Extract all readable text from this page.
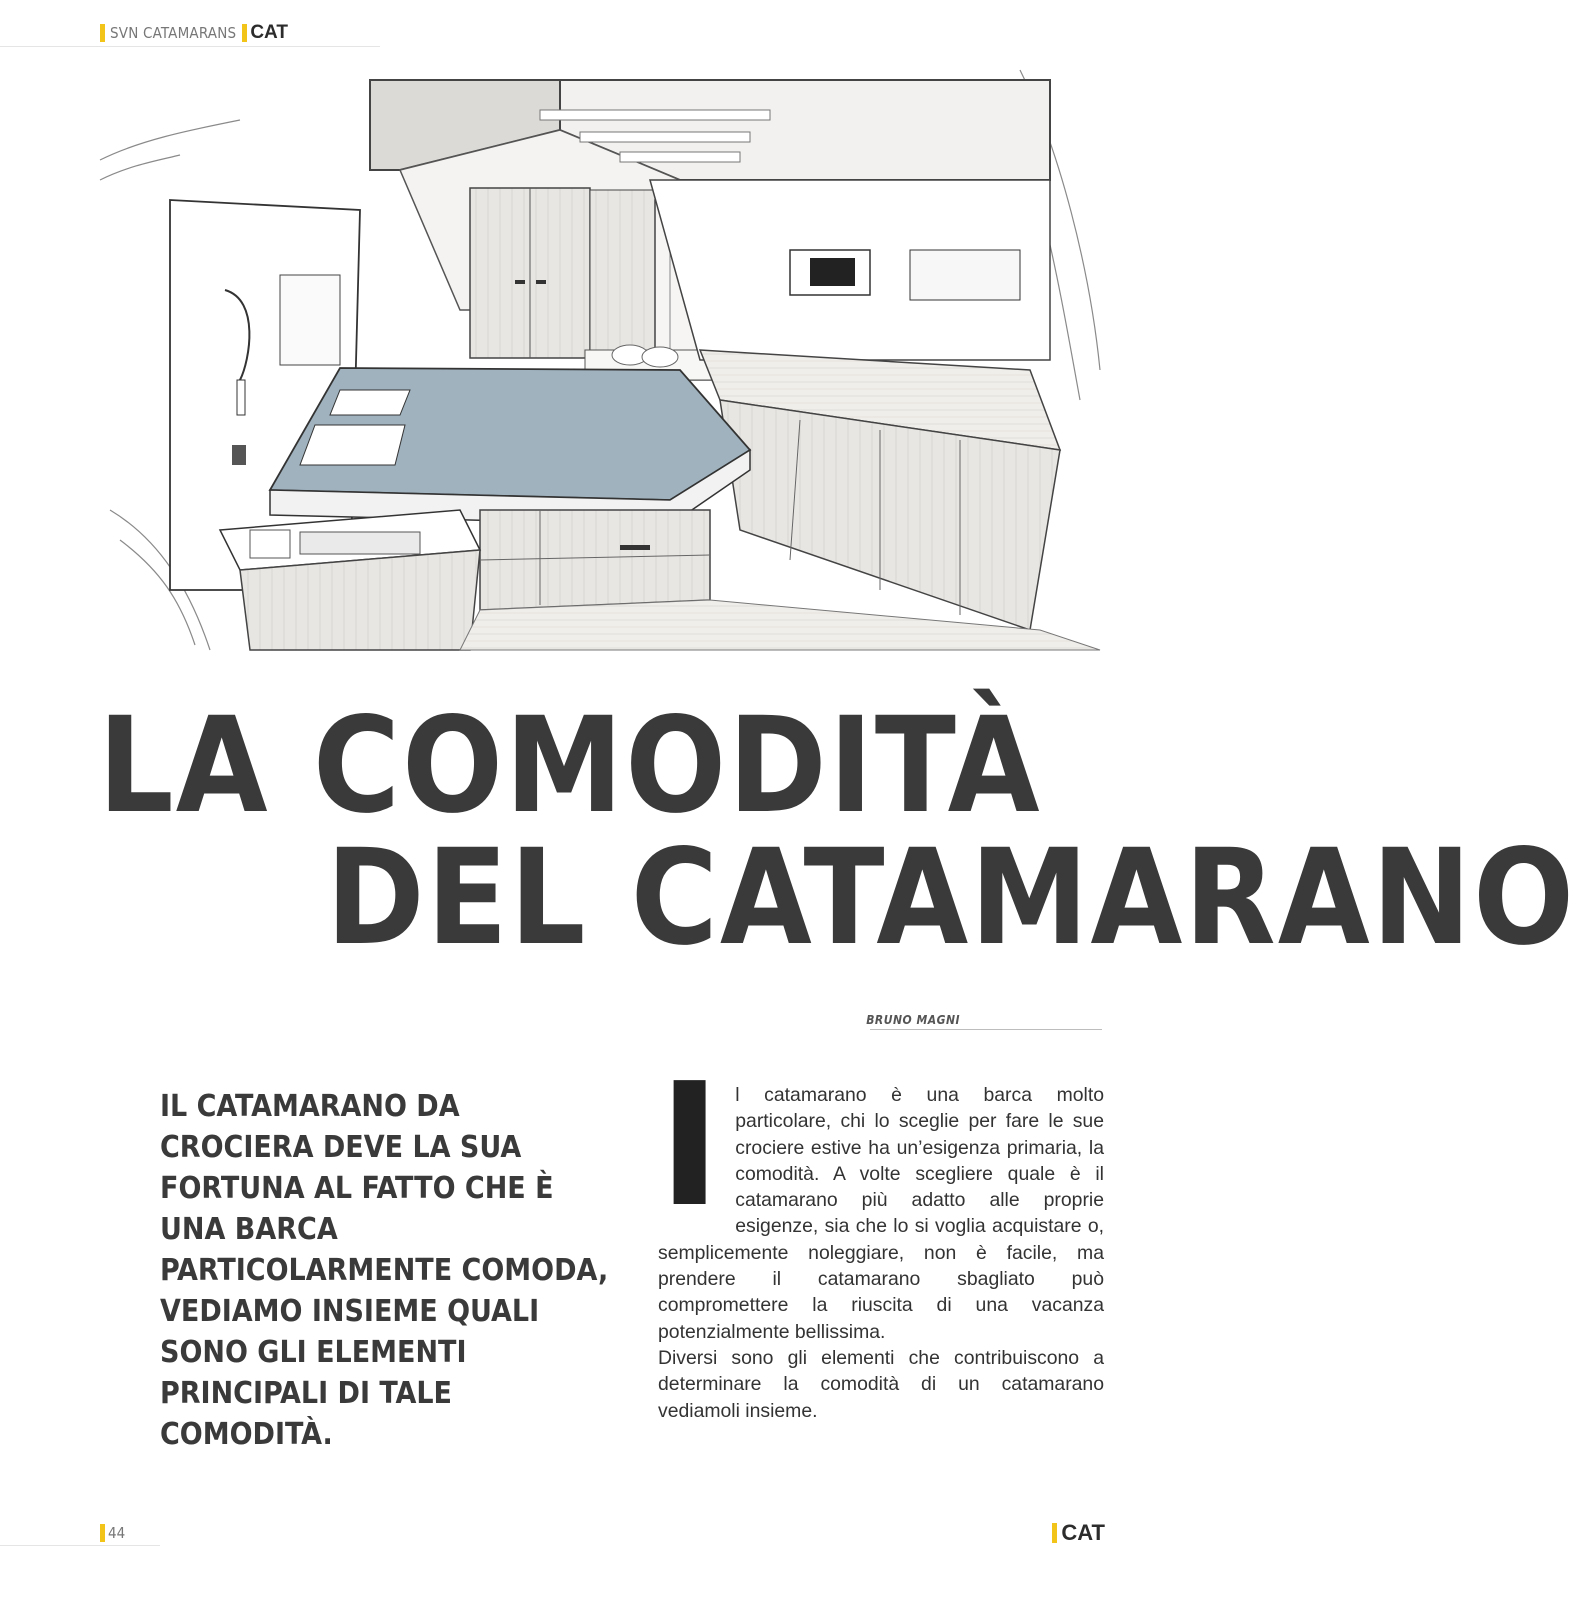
SVN CATAMARANS CAT
LA COMODITÀ
DEL CATAMARANO
BRUNO MAGNI

IL CATAMARANO DA CROCIERA DEVE LA SUA FORTUNA AL FATTO CHE È UNA BARCA PARTICOLARMENTE COMODA, VEDIAMO INSIEME QUALI SONO GLI ELEMENTI PRINCIPALI DI TALE COMODITÀ.

I l catamarano è una barca molto particolare, chi lo sceglie per fare le sue crociere estive ha un’esigenza primaria, la comodità. A volte scegliere quale è il catamarano più adatto alle proprie esigenze, sia che lo si voglia acquistare o, semplicemente noleggiare, non è facile, ma prendere il catamarano sbagliato può compromettere la riuscita di una vacanza potenzialmente bellissima.

Diversi sono gli elementi che contribuiscono a determinare la comodità di un catamarano vediamoli insieme.

44	CAT
